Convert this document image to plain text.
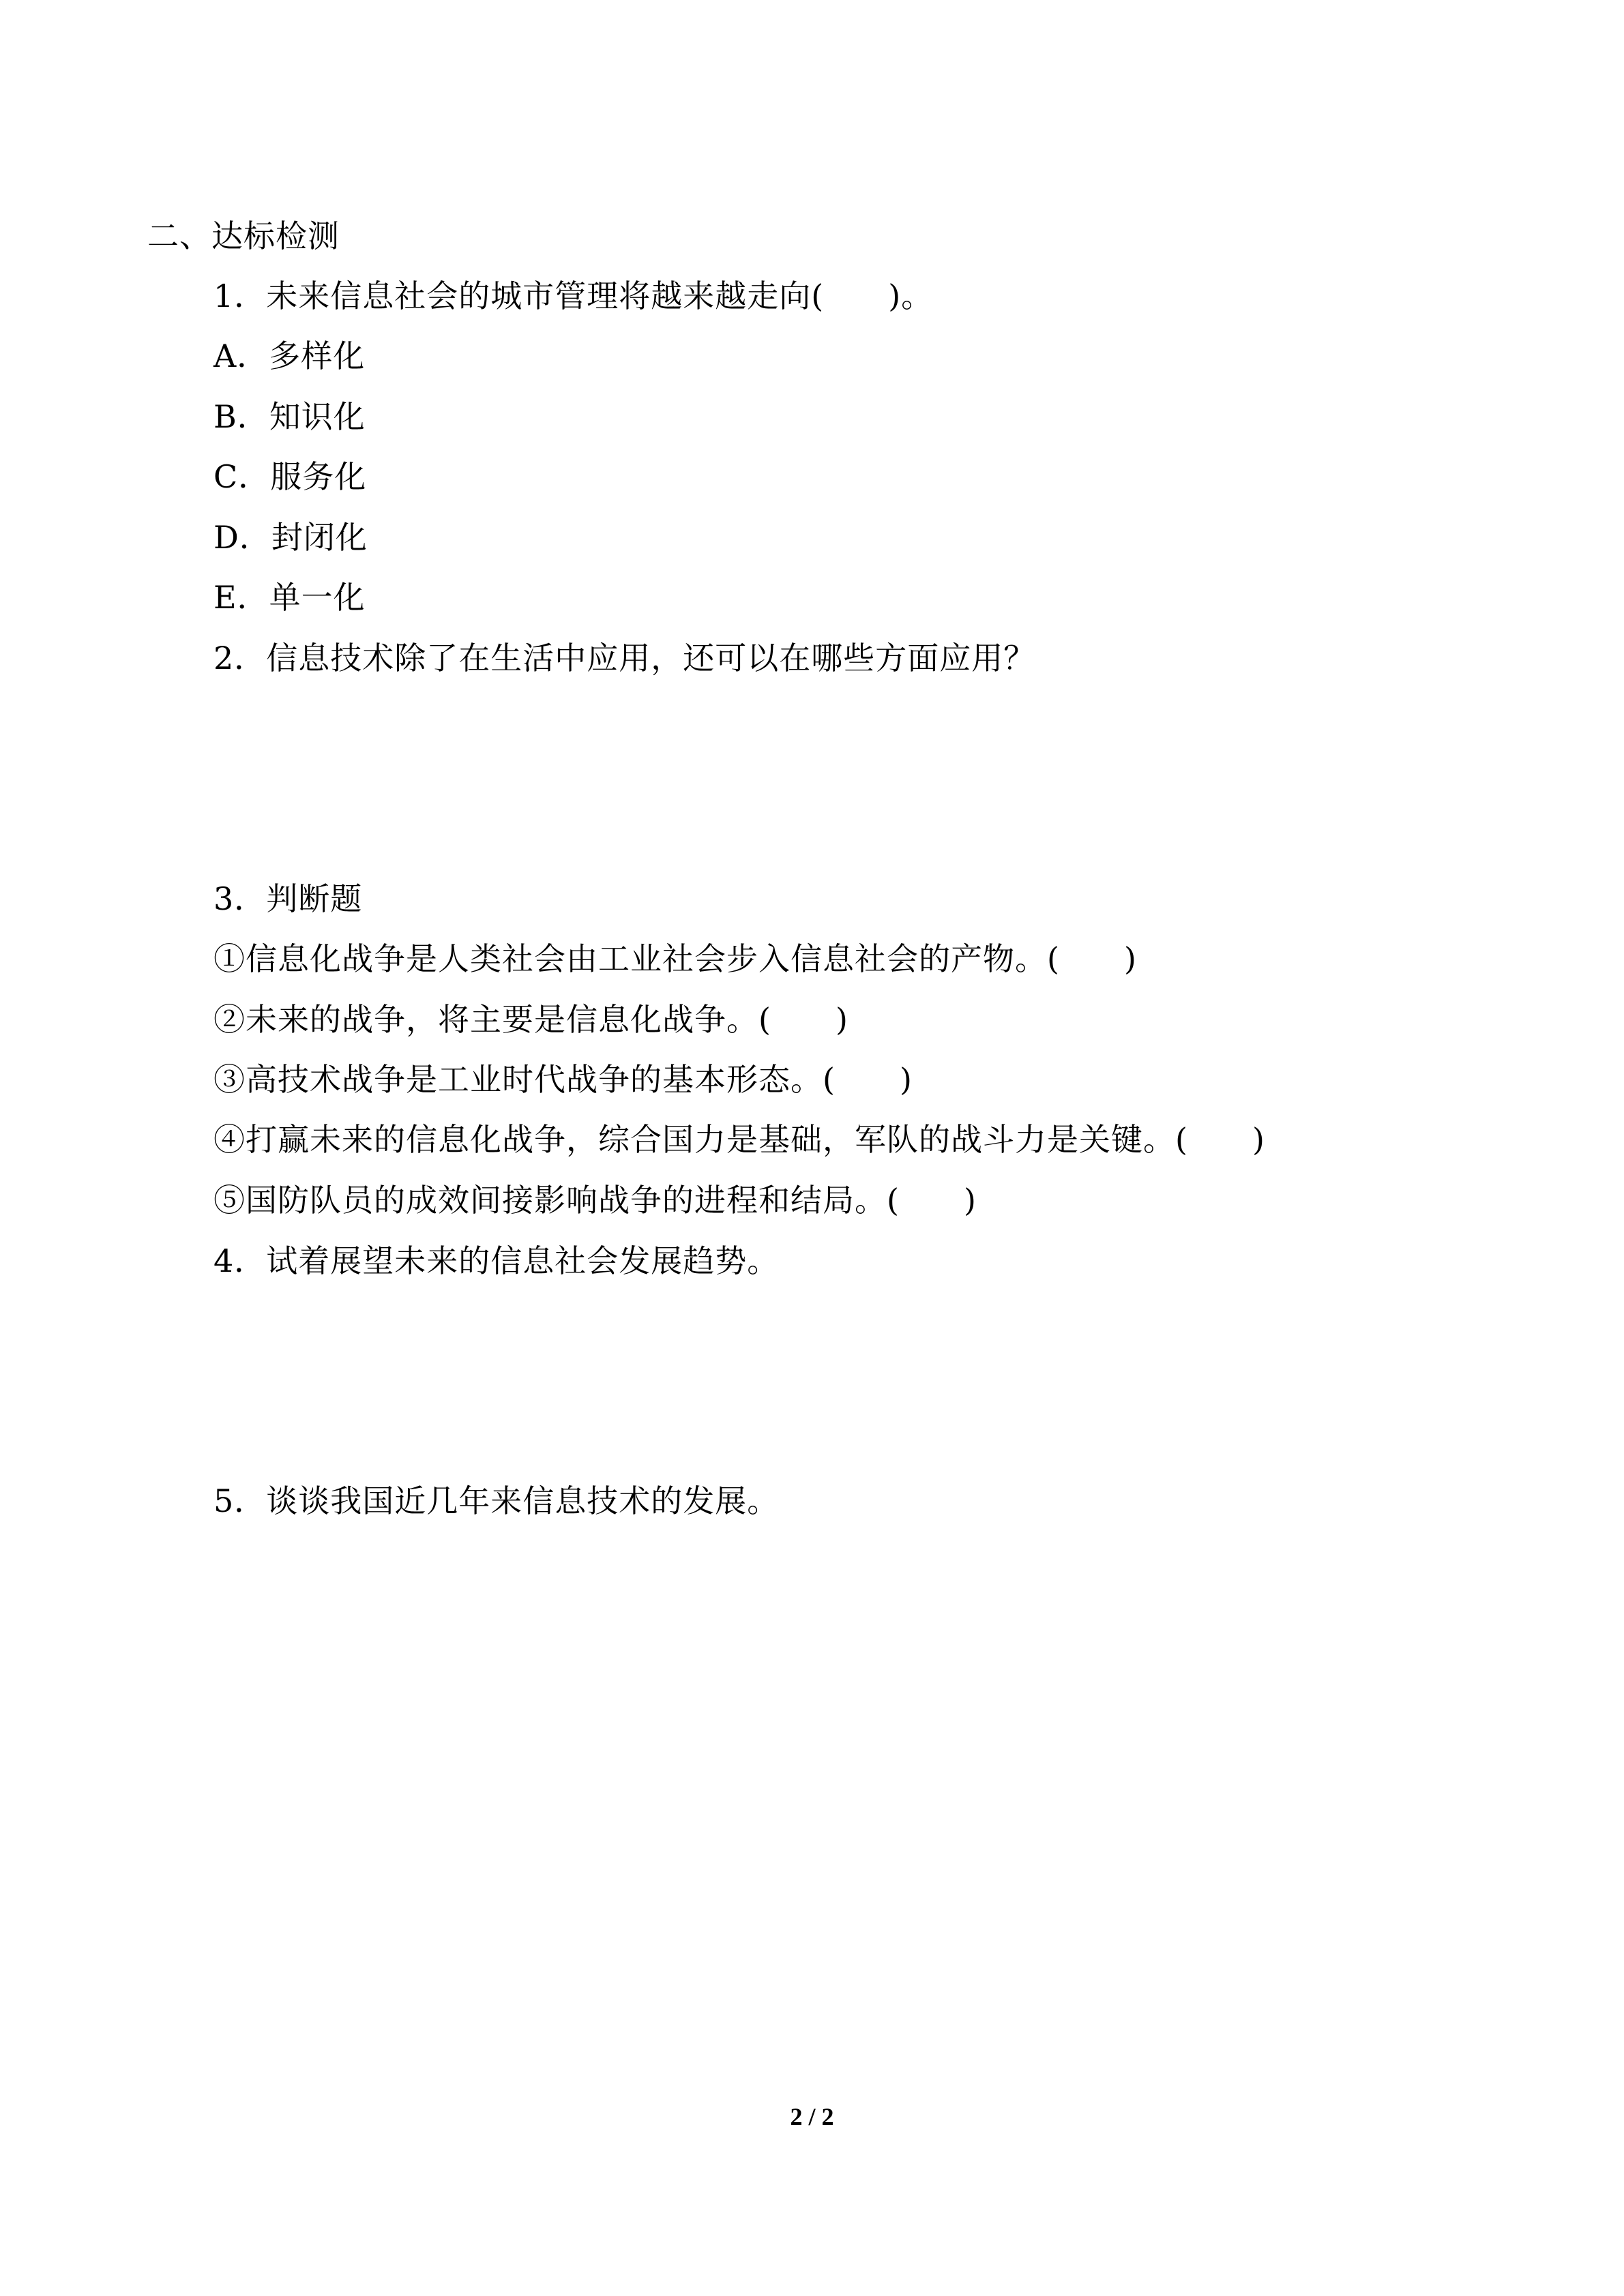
二、达标检测
1．未来信息社会的城市管理将越来越走向(　　)。
A．多样化
B．知识化
C．服务化
D．封闭化
E．单一化
2．信息技术除了在生活中应用，还可以在哪些方面应用？
3．判断题
①信息化战争是人类社会由工业社会步入信息社会的产物。(　　)
②未来的战争，将主要是信息化战争。(　　)
③高技术战争是工业时代战争的基本形态。(　　)
④打赢未来的信息化战争，综合国力是基础，军队的战斗力是关键。(　　)
⑤国防队员的成效间接影响战争的进程和结局。(　　)
4．试着展望未来的信息社会发展趋势。
5．谈谈我国近几年来信息技术的发展。
2 / 2
